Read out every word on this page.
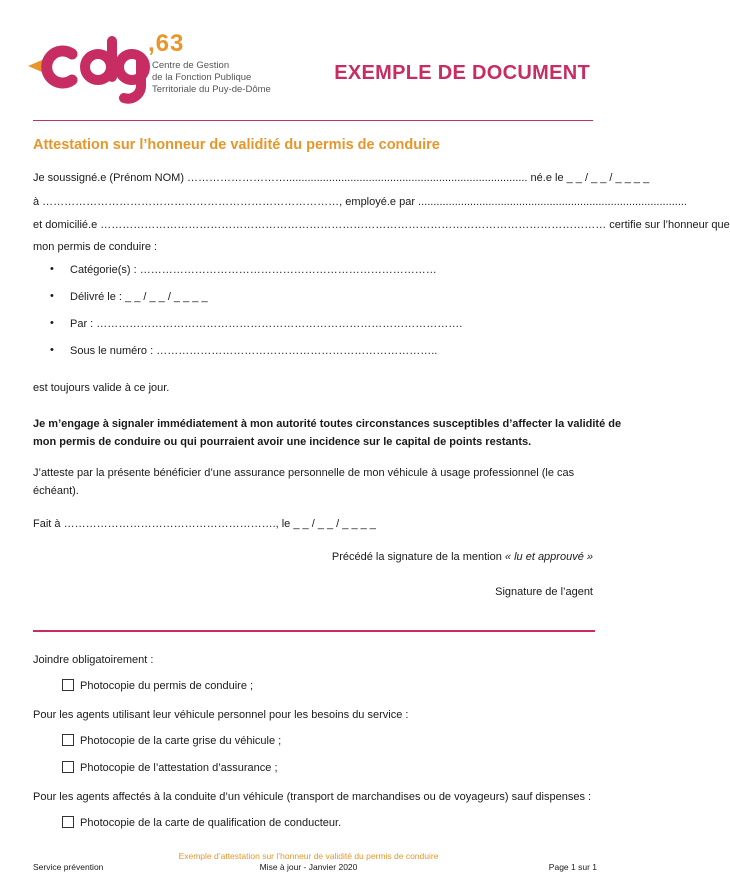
,63
Centre de Gestion
de la Fonction Publique
Territoriale du Puy-de-Dôme
EXEMPLE DE DOCUMENT
Attestation sur l’honneur de validité du permis de conduire
Je soussigné.e (Prénom NOM) ………………………............................................................................... né.e le _ _ / _ _ / _ _ _ _
à ………………………………………………………………………, employé.e par ........................................................................................
et domicilié.e ………………………………………………………………………………………………………………………… certifie sur l’honneur que
mon permis de conduire :
• Catégorie(s) : ………………………………………………………………………
• Délivré le : _ _ / _ _ / _ _ _ _
• Par : ……………………………………………………………………………………….
• Sous le numéro : …………………………………………………………………..
est toujours valide à ce jour.
Je m’engage à signaler immédiatement à mon autorité toutes circonstances susceptibles d’affecter la validité de
mon permis de conduire ou qui pourraient avoir une incidence sur le capital de points restants.
J’atteste par la présente bénéficier d’une assurance personnelle de mon véhicule à usage professionnel (le cas
échéant).
Fait à …………………………………………………., le _ _ / _ _ / _ _ _ _
Précédé la signature de la mention « lu et approuvé »
Signature de l’agent
Joindre obligatoirement :
Photocopie du permis de conduire ;
Pour les agents utilisant leur véhicule personnel pour les besoins du service :
Photocopie de la carte grise du véhicule ;
Photocopie de l’attestation d’assurance ;
Pour les agents affectés à la conduite d’un véhicule (transport de marchandises ou de voyageurs) sauf dispenses :
Photocopie de la carte de qualification de conducteur.
Exemple d’attestation sur l’honneur de validité du permis de conduire
Service prévention	Mise à jour - Janvier 2020	Page 1 sur 1
